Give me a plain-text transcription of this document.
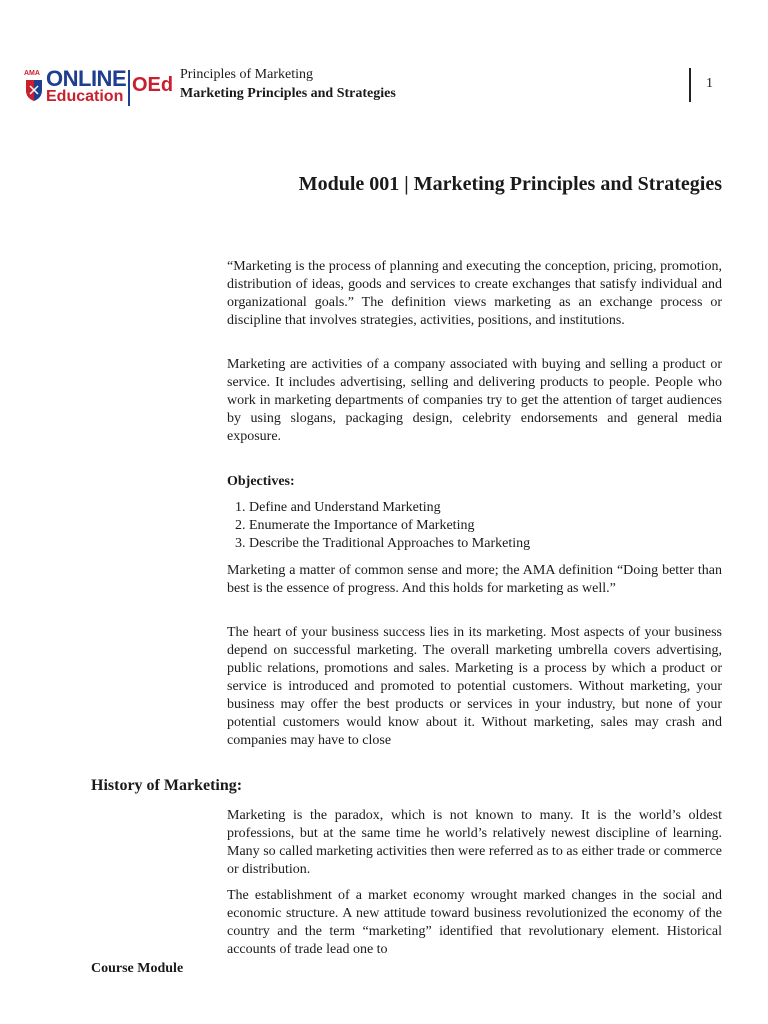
AMA ONLINE
Education
OEd Principles of Marketing
Marketing Principles and Strategies
1
Module 001 | Marketing Principles and Strategies

“Marketing is the process of planning and executing the conception, pricing, promotion, distribution of ideas, goods and services to create exchanges that satisfy individual and organizational goals.” The definition views marketing as an exchange process or discipline that involves strategies, activities, positions, and institutions.

Marketing are activities of a company associated with buying and selling a product or service. It includes advertising, selling and delivering products to people. People who work in marketing departments of companies try to get the attention of target audiences by using slogans, packaging design, celebrity endorsements and general media exposure.

Objectives:

1. Define and Understand Marketing
2. Enumerate the Importance of Marketing
3. Describe the Traditional Approaches to Marketing

Marketing a matter of common sense and more; the AMA definition “Doing better than best is the essence of progress. And this holds for marketing as well.”

The heart of your business success lies in its marketing. Most aspects of your business depend on successful marketing. The overall marketing umbrella covers advertising, public relations, promotions and sales. Marketing is a process by which a product or service is introduced and promoted to potential customers. Without marketing, your business may offer the best products or services in your industry, but none of your potential customers would know about it. Without marketing, sales may crash and companies may have to close

History of Marketing:

Marketing is the paradox, which is not known to many. It is the world’s oldest professions, but at the same time he world’s relatively newest discipline of learning. Many so called marketing activities then were referred as to as either trade or commerce or distribution.

The establishment of a market economy wrought marked changes in the social and economic structure. A new attitude toward business revolutionized the economy of the country and the term “marketing” identified that revolutionary element. Historical accounts of trade lead one to

Course Module
